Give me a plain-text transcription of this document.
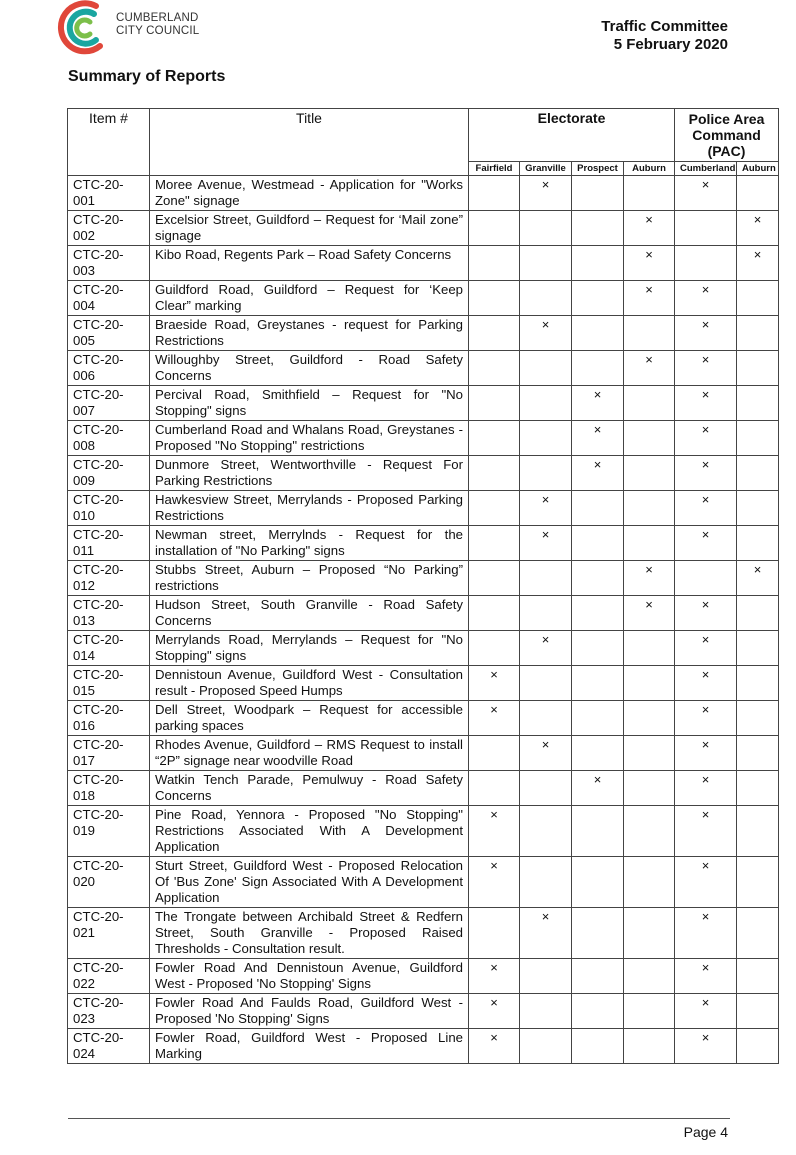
CUMBERLAND
CITY COUNCIL	Traffic Committee
5 February 2020
Summary of Reports
Item #	Title	Electorate				Police Area Command (PAC)	
		Fairfield	Granville	Prospect	Auburn	Cumberland	Auburn
CTC-20-001	Moree Avenue, Westmead - Application for "Works Zone" signage		×			×	
CTC-20-002	Excelsior Street, Guildford – Request for ‘Mail zone” signage				×		×
CTC-20-003	Kibo Road, Regents Park – Road Safety Concerns				×		×
CTC-20-004	Guildford Road, Guildford – Request for ‘Keep Clear” marking				×	×	
CTC-20-005	Braeside Road, Greystanes - request for Parking Restrictions		×			×	
CTC-20-006	Willoughby Street, Guildford - Road Safety Concerns				×	×	
CTC-20-007	Percival Road, Smithfield – Request for "No Stopping" signs			×		×	
CTC-20-008	Cumberland Road and Whalans Road, Greystanes - Proposed "No Stopping" restrictions			×		×	
CTC-20-009	Dunmore Street, Wentworthville - Request For Parking Restrictions			×		×	
CTC-20-010	Hawkesview Street, Merrylands - Proposed Parking Restrictions		×			×	
CTC-20-011	Newman street, Merrylnds - Request for the installation of "No Parking" signs		×			×	
CTC-20-012	Stubbs Street, Auburn – Proposed “No Parking” restrictions				×		×
CTC-20-013	Hudson Street, South Granville - Road Safety Concerns				×	×	
CTC-20-014	Merrylands Road, Merrylands – Request for "No Stopping" signs		×			×	
CTC-20-015	Dennistoun Avenue, Guildford West - Consultation result - Proposed Speed Humps	×				×	
CTC-20-016	Dell Street, Woodpark – Request for accessible parking spaces	×				×	
CTC-20-017	Rhodes Avenue, Guildford – RMS Request to install “2P” signage near woodville Road		×			×	
CTC-20-018	Watkin Tench Parade, Pemulwuy - Road Safety Concerns			×		×	
CTC-20-019	Pine Road, Yennora - Proposed "No Stopping" Restrictions Associated With A Development Application	×				×	
CTC-20-020	Sturt Street, Guildford West - Proposed Relocation Of 'Bus Zone' Sign Associated With A Development Application	×				×	
CTC-20-021	The Trongate between Archibald Street & Redfern Street, South Granville - Proposed Raised Thresholds - Consultation result.		×			×	
CTC-20-022	Fowler Road And Dennistoun Avenue, Guildford West - Proposed 'No Stopping' Signs	×				×	
CTC-20-023	Fowler Road And Faulds Road, Guildford West - Proposed 'No Stopping' Signs	×				×	
CTC-20-024	Fowler Road, Guildford West - Proposed Line Marking	×				×	
Page 4
